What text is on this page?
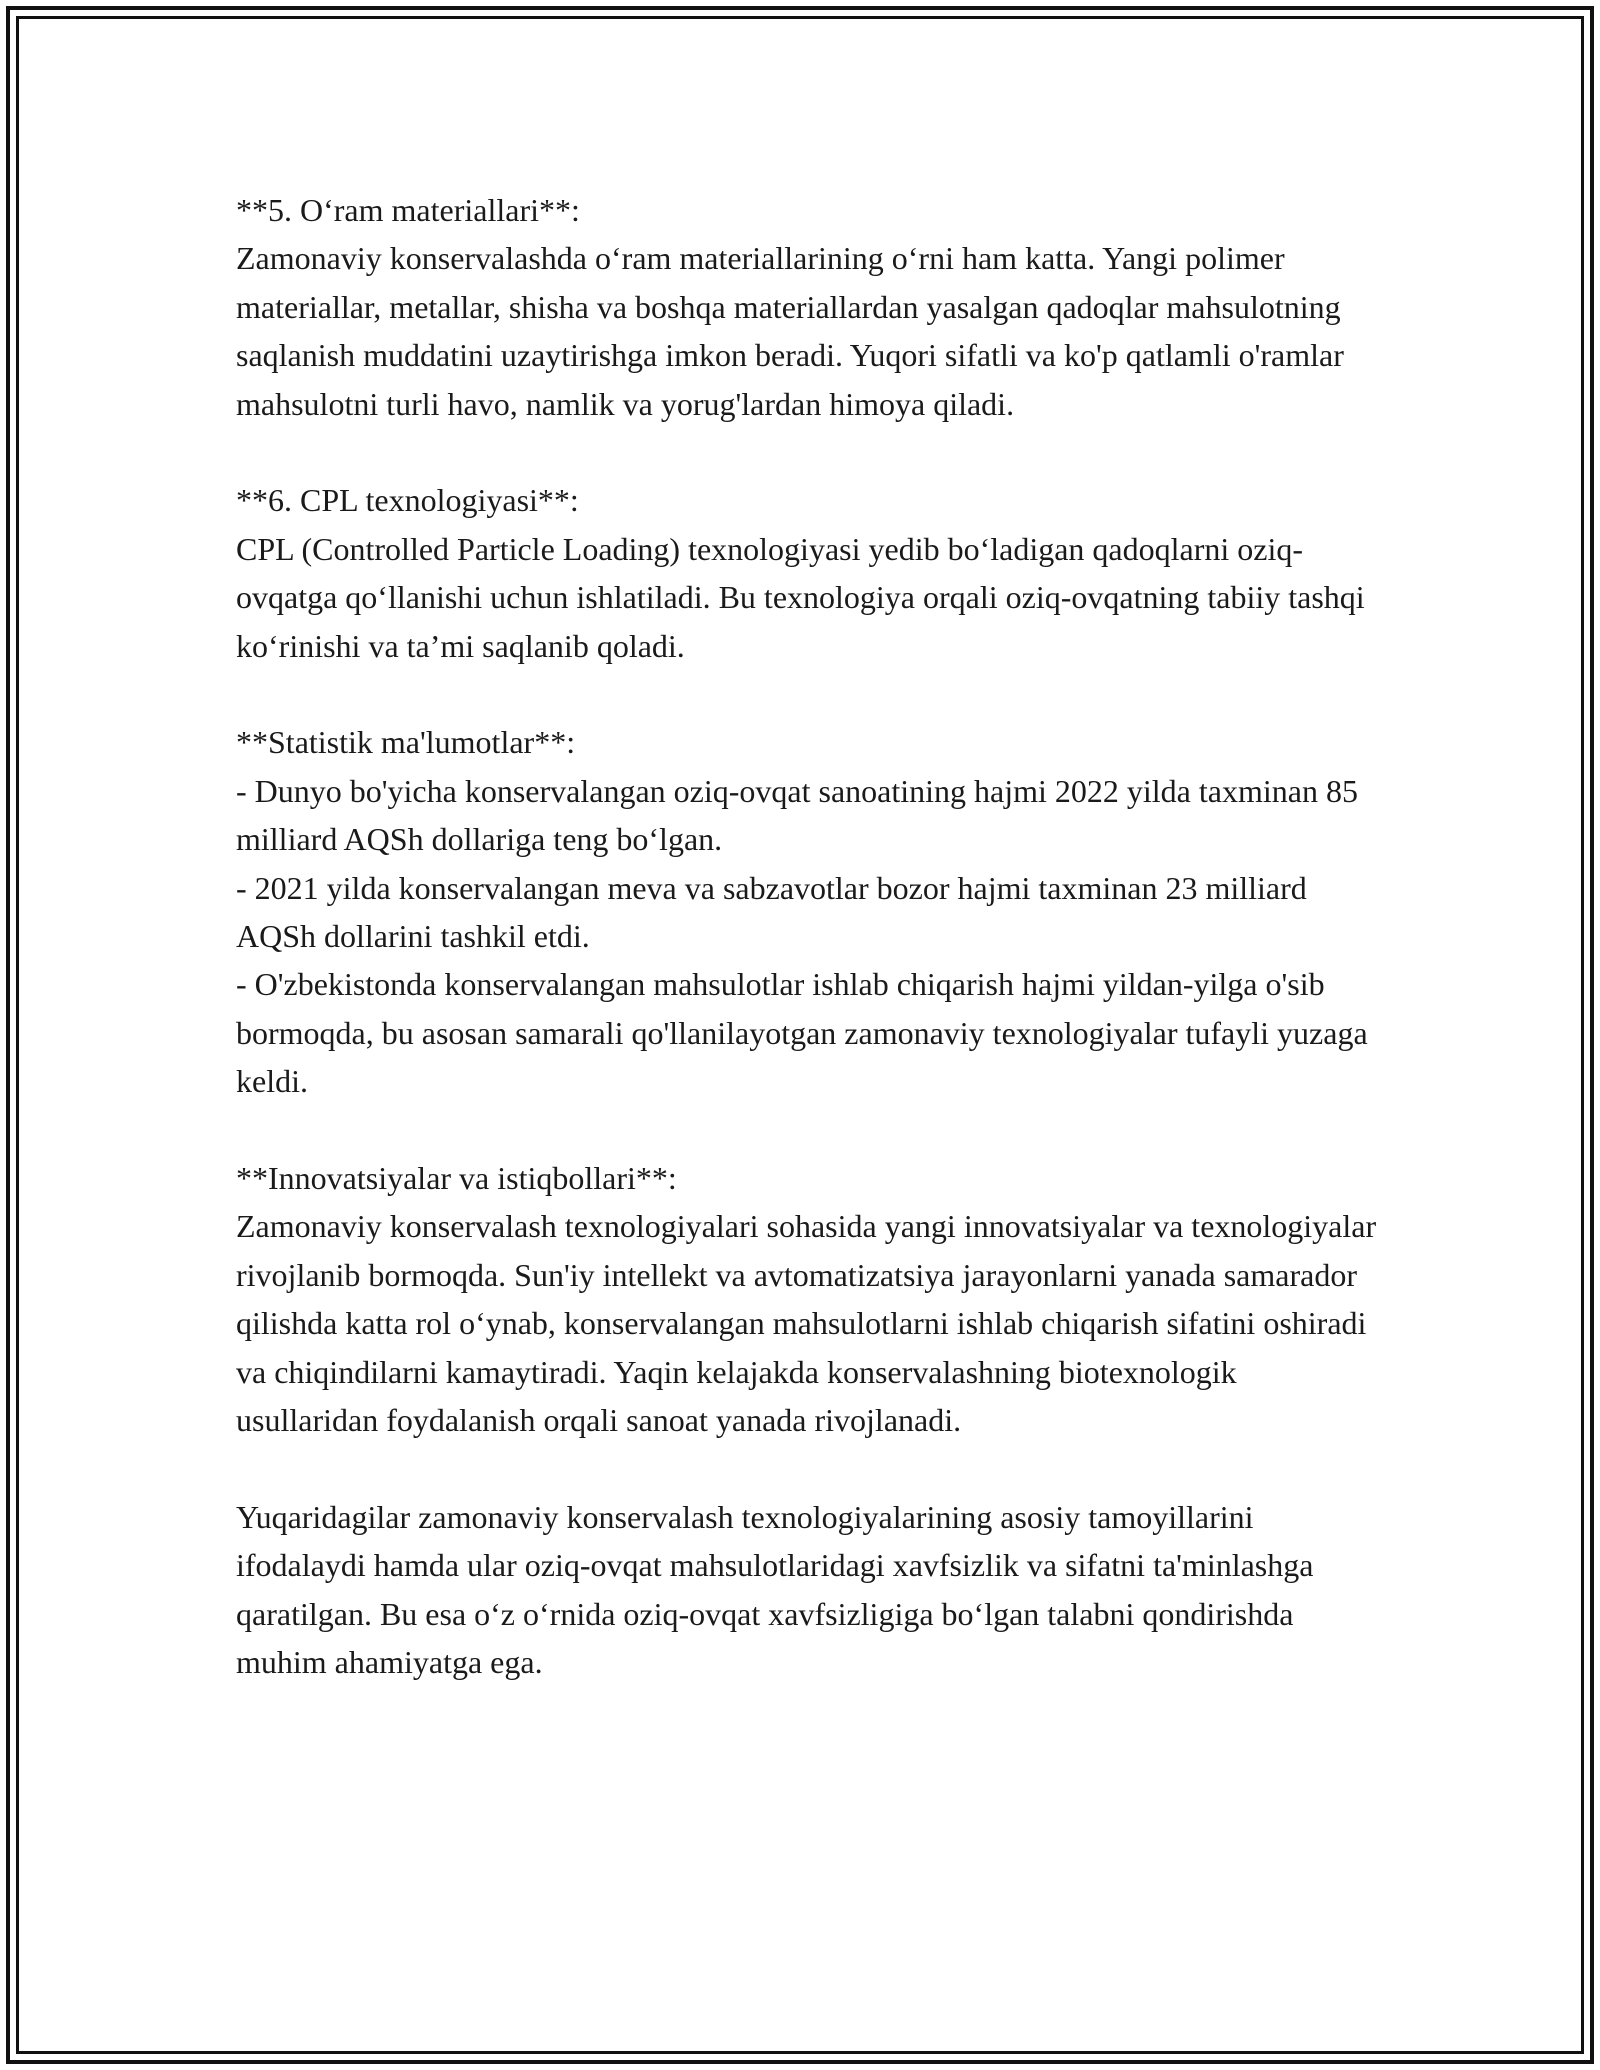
**5. O‘ram materiallari**:
Zamonaviy konservalashda o‘ram materiallarining o‘rni ham katta. Yangi polimer materiallar, metallar, shisha va boshqa materiallardan yasalgan qadoqlar mahsulotning saqlanish muddatini uzaytirishga imkon beradi. Yuqori sifatli va ko'p qatlamli o'ramlar mahsulotni turli havo, namlik va yorug'lardan himoya qiladi.

**6. CPL texnologiyasi**:
CPL (Controlled Particle Loading) texnologiyasi yedib bo‘ladigan qadoqlarni oziq-ovqatga qo‘llanishi uchun ishlatiladi. Bu texnologiya orqali oziq-ovqatning tabiiy tashqi ko‘rinishi va ta’mi saqlanib qoladi.

**Statistik ma'lumotlar**:
- Dunyo bo'yicha konservalangan oziq-ovqat sanoatining hajmi 2022 yilda taxminan 85 milliard AQSh dollariga teng bo‘lgan.
- 2021 yilda konservalangan meva va sabzavotlar bozor hajmi taxminan 23 milliard AQSh dollarini tashkil etdi.
- O'zbekistonda konservalangan mahsulotlar ishlab chiqarish hajmi yildan-yilga o'sib bormoqda, bu asosan samarali qo'llanilayotgan zamonaviy texnologiyalar tufayli yuzaga keldi.

**Innovatsiyalar va istiqbollari**:
Zamonaviy konservalash texnologiyalari sohasida yangi innovatsiyalar va texnologiyalar rivojlanib bormoqda. Sun'iy intellekt va avtomatizatsiya jarayonlarni yanada samarador qilishda katta rol o‘ynab, konservalangan mahsulotlarni ishlab chiqarish sifatini oshiradi va chiqindilarni kamaytiradi. Yaqin kelajakda konservalashning biotexnologik usullaridan foydalanish orqali sanoat yanada rivojlanadi.

Yuqaridagilar zamonaviy konservalash texnologiyalarining asosiy tamoyillarini ifodalaydi hamda ular oziq-ovqat mahsulotlaridagi xavfsizlik va sifatni ta'minlashga qaratilgan. Bu esa o‘z o‘rnida oziq-ovqat xavfsizligiga bo‘lgan talabni qondirishda muhim ahamiyatga ega.
